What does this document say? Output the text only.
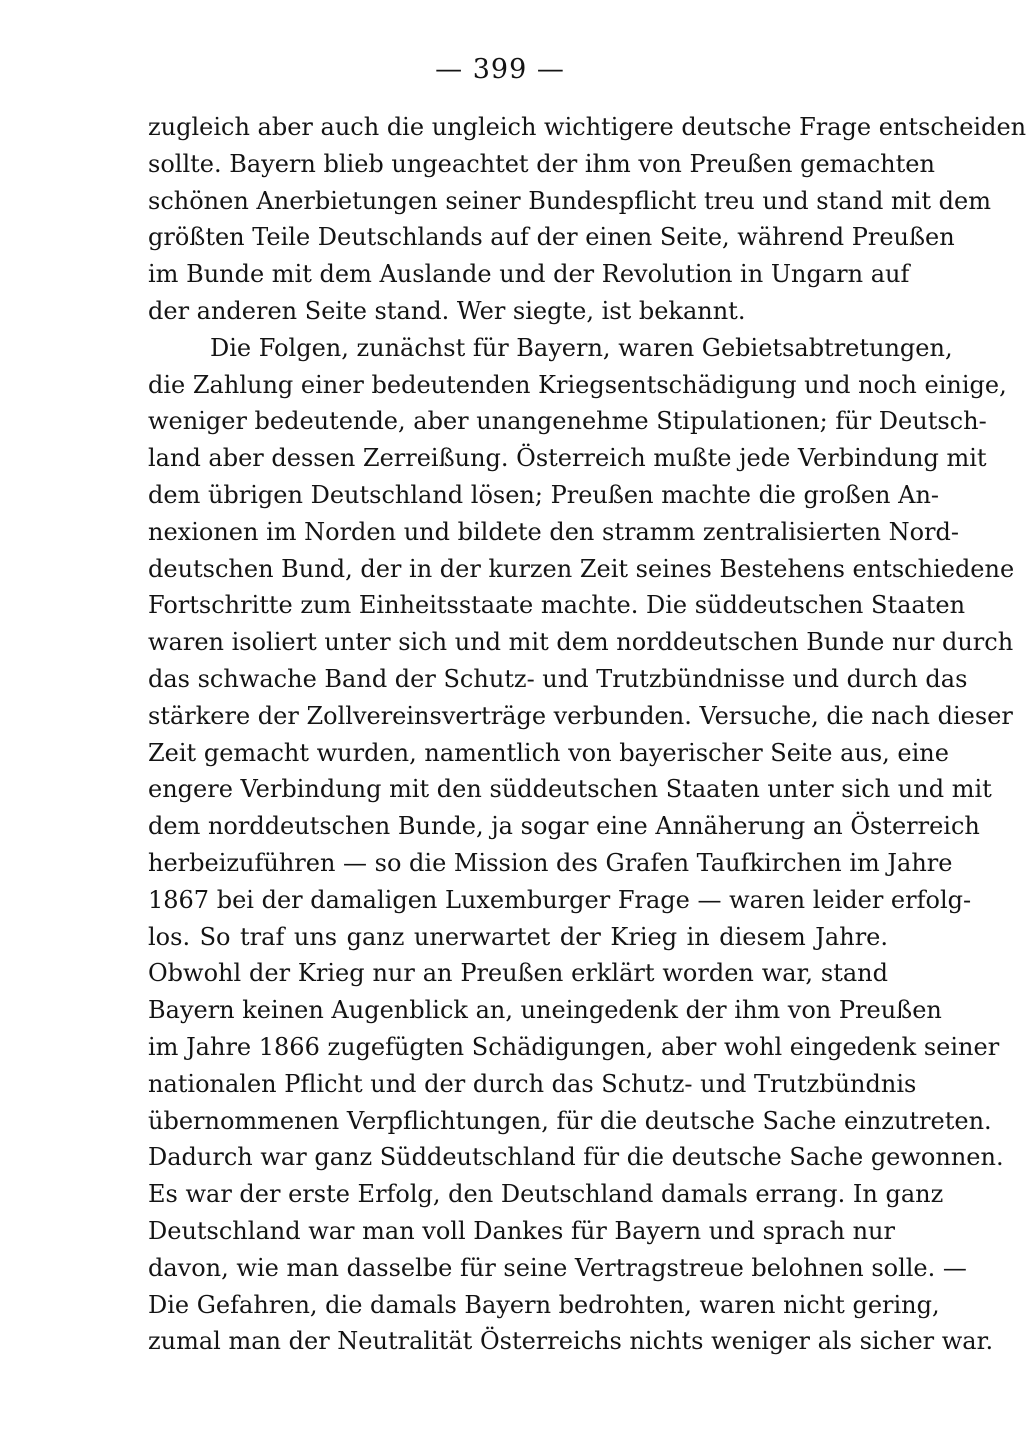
— 399 —
zugleich aber auch die ungleich wichtigere deutsche Frage entscheiden
sollte. Bayern blieb ungeachtet der ihm von Preußen gemachten
schönen Anerbietungen seiner Bundespflicht treu und stand mit dem
größten Teile Deutschlands auf der einen Seite, während Preußen
im Bunde mit dem Auslande und der Revolution in Ungarn auf
der anderen Seite stand. Wer siegte, ist bekannt.
Die Folgen, zunächst für Bayern, waren Gebietsabtretungen,
die Zahlung einer bedeutenden Kriegsentschädigung und noch einige,
weniger bedeutende, aber unangenehme Stipulationen; für Deutsch-
land aber dessen Zerreißung. Österreich mußte jede Verbindung mit
dem übrigen Deutschland lösen; Preußen machte die großen An-
nexionen im Norden und bildete den stramm zentralisierten Nord-
deutschen Bund, der in der kurzen Zeit seines Bestehens entschiedene
Fortschritte zum Einheitsstaate machte. Die süddeutschen Staaten
waren isoliert unter sich und mit dem norddeutschen Bunde nur durch
das schwache Band der Schutz- und Trutzbündnisse und durch das
stärkere der Zollvereinsverträge verbunden. Versuche, die nach dieser
Zeit gemacht wurden, namentlich von bayerischer Seite aus, eine
engere Verbindung mit den süddeutschen Staaten unter sich und mit
dem norddeutschen Bunde, ja sogar eine Annäherung an Österreich
herbeizuführen — so die Mission des Grafen Taufkirchen im Jahre
1867 bei der damaligen Luxemburger Frage — waren leider erfolg-
los. So traf uns ganz unerwartet der Krieg in diesem Jahre.
Obwohl der Krieg nur an Preußen erklärt worden war, stand
Bayern keinen Augenblick an, uneingedenk der ihm von Preußen
im Jahre 1866 zugefügten Schädigungen, aber wohl eingedenk seiner
nationalen Pflicht und der durch das Schutz- und Trutzbündnis
übernommenen Verpflichtungen, für die deutsche Sache einzutreten.
Dadurch war ganz Süddeutschland für die deutsche Sache gewonnen.
Es war der erste Erfolg, den Deutschland damals errang. In ganz
Deutschland war man voll Dankes für Bayern und sprach nur
davon, wie man dasselbe für seine Vertragstreue belohnen solle. —
Die Gefahren, die damals Bayern bedrohten, waren nicht gering,
zumal man der Neutralität Österreichs nichts weniger als sicher war.
